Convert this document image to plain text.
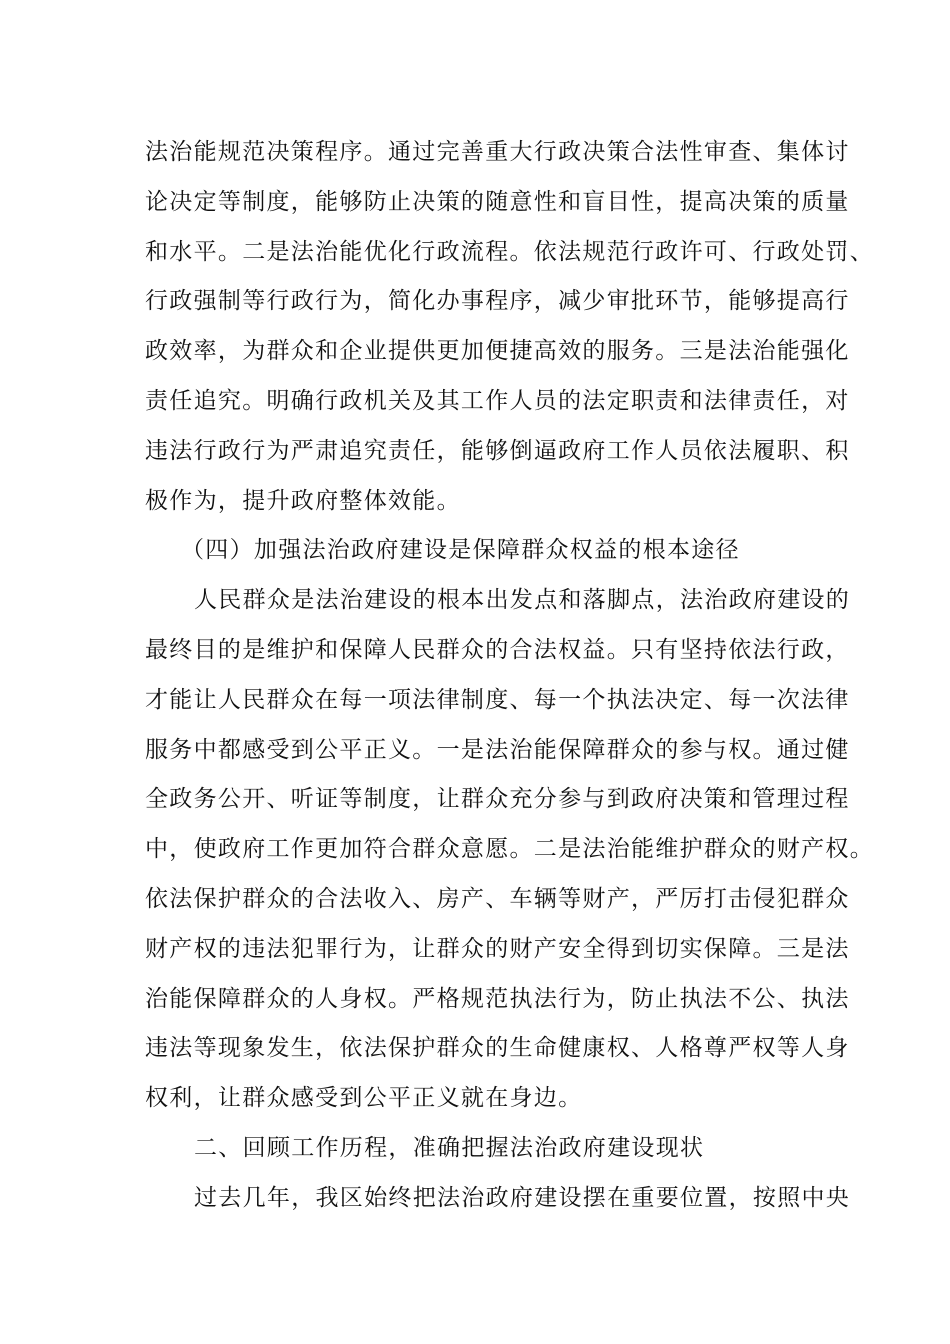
法治能规范决策程序。通过完善重大行政决策合法性审查、集体讨
论决定等制度，能够防止决策的随意性和盲目性，提高决策的质量
和水平。二是法治能优化行政流程。依法规范行政许可、行政处罚、
行政强制等行政行为，简化办事程序，减少审批环节，能够提高行
政效率，为群众和企业提供更加便捷高效的服务。三是法治能强化
责任追究。明确行政机关及其工作人员的法定职责和法律责任，对
违法行政行为严肃追究责任，能够倒逼政府工作人员依法履职、积
极作为，提升政府整体效能。
（四）加强法治政府建设是保障群众权益的根本途径
人民群众是法治建设的根本出发点和落脚点，法治政府建设的
最终目的是维护和保障人民群众的合法权益。只有坚持依法行政，
才能让人民群众在每一项法律制度、每一个执法决定、每一次法律
服务中都感受到公平正义。一是法治能保障群众的参与权。通过健
全政务公开、听证等制度，让群众充分参与到政府决策和管理过程
中，使政府工作更加符合群众意愿。二是法治能维护群众的财产权。
依法保护群众的合法收入、房产、车辆等财产，严厉打击侵犯群众
财产权的违法犯罪行为，让群众的财产安全得到切实保障。三是法
治能保障群众的人身权。严格规范执法行为，防止执法不公、执法
违法等现象发生，依法保护群众的生命健康权、人格尊严权等人身
权利，让群众感受到公平正义就在身边。
二、回顾工作历程，准确把握法治政府建设现状
过去几年，我区始终把法治政府建设摆在重要位置，按照中央
